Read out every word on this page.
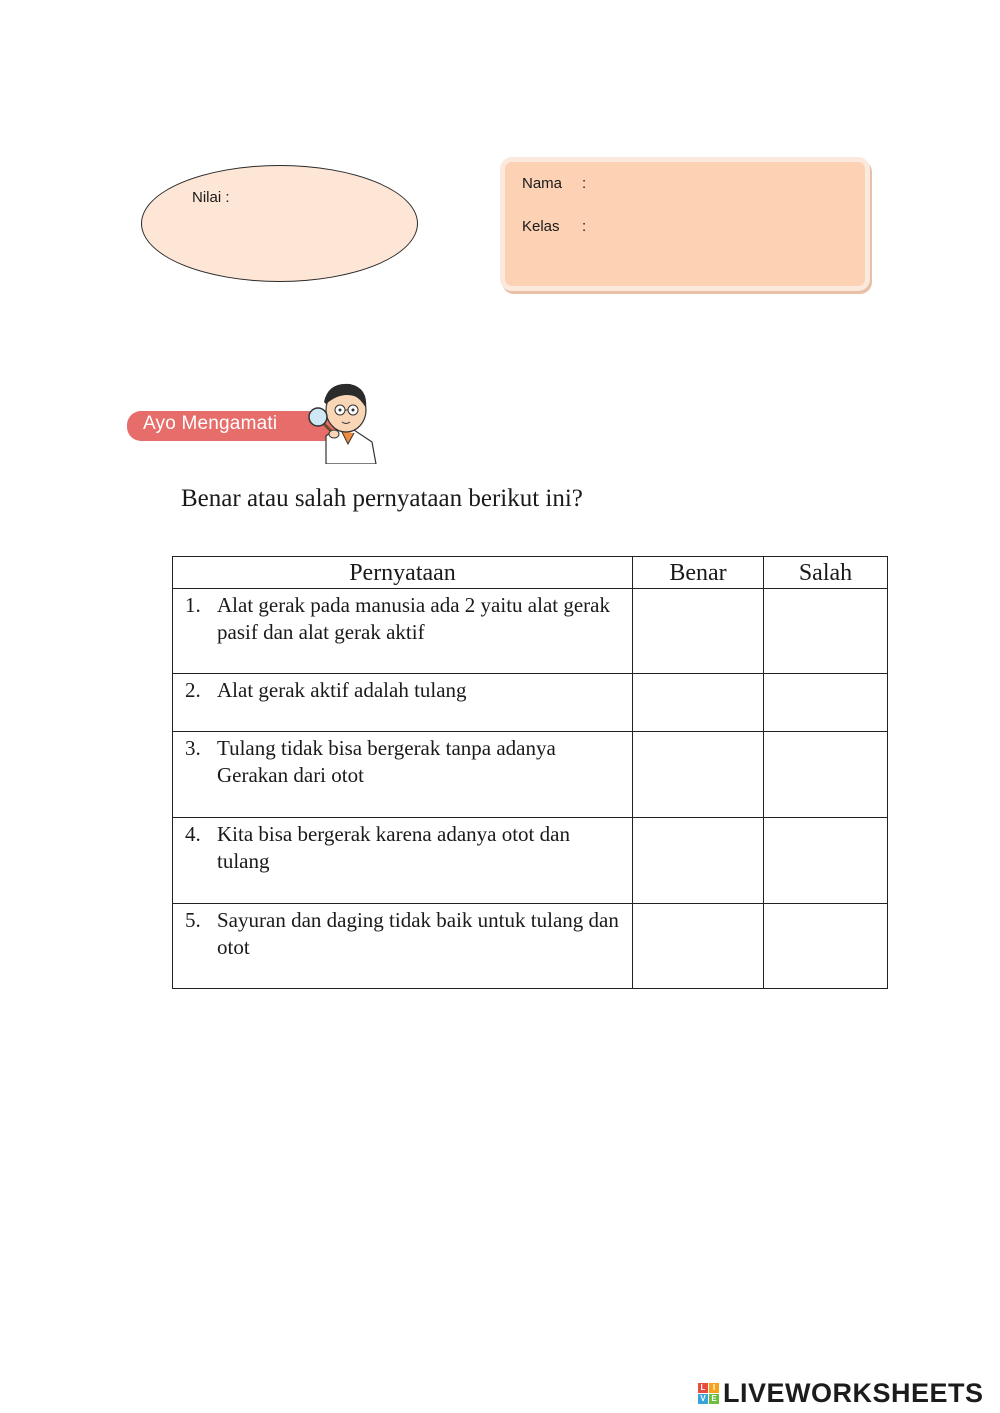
Nilai :
Nama :
Kelas :
Ayo Mengamati
Benar atau salah pernyataan berikut ini?
Pernyataan	Benar	Salah

1. Alat gerak pada manusia ada 2 yaitu alat gerak pasif dan alat gerak aktif		

2. Alat gerak aktif adalah tulang		

3. Tulang tidak bisa bergerak tanpa adanya Gerakan dari otot		

4. Kita bisa bergerak karena adanya otot dan tulang		

5. Sayuran dan daging tidak baik untuk tulang dan otot		

L I
V E LIVEWORKSHEETS
